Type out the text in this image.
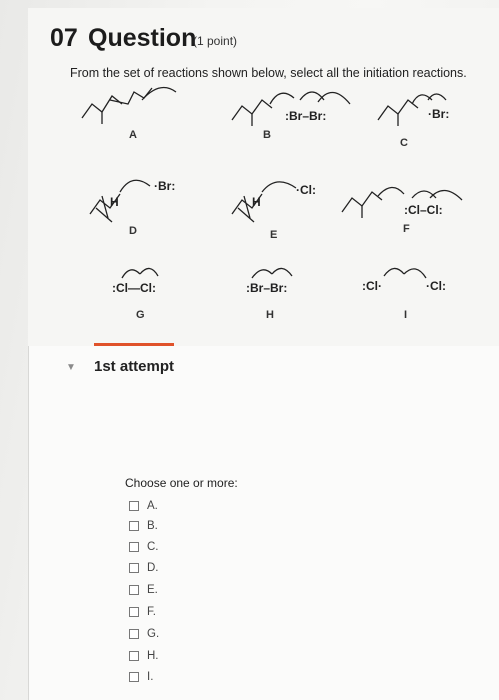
07 Question
(1 point)
From the set of reactions shown below, select all the initiation reactions.
:Br–Br:	·Br:
·Br:
H
·Cl:
H
:Cl–Cl:
:Cl—Cl:	:Br–Br:	:Cl·	·Cl:
A	B
C
D	E	F
G	H	I
▼ 1st attempt
Choose one or more:
A.
B.
C.
D.
E.
F.
G.
H.
I.
